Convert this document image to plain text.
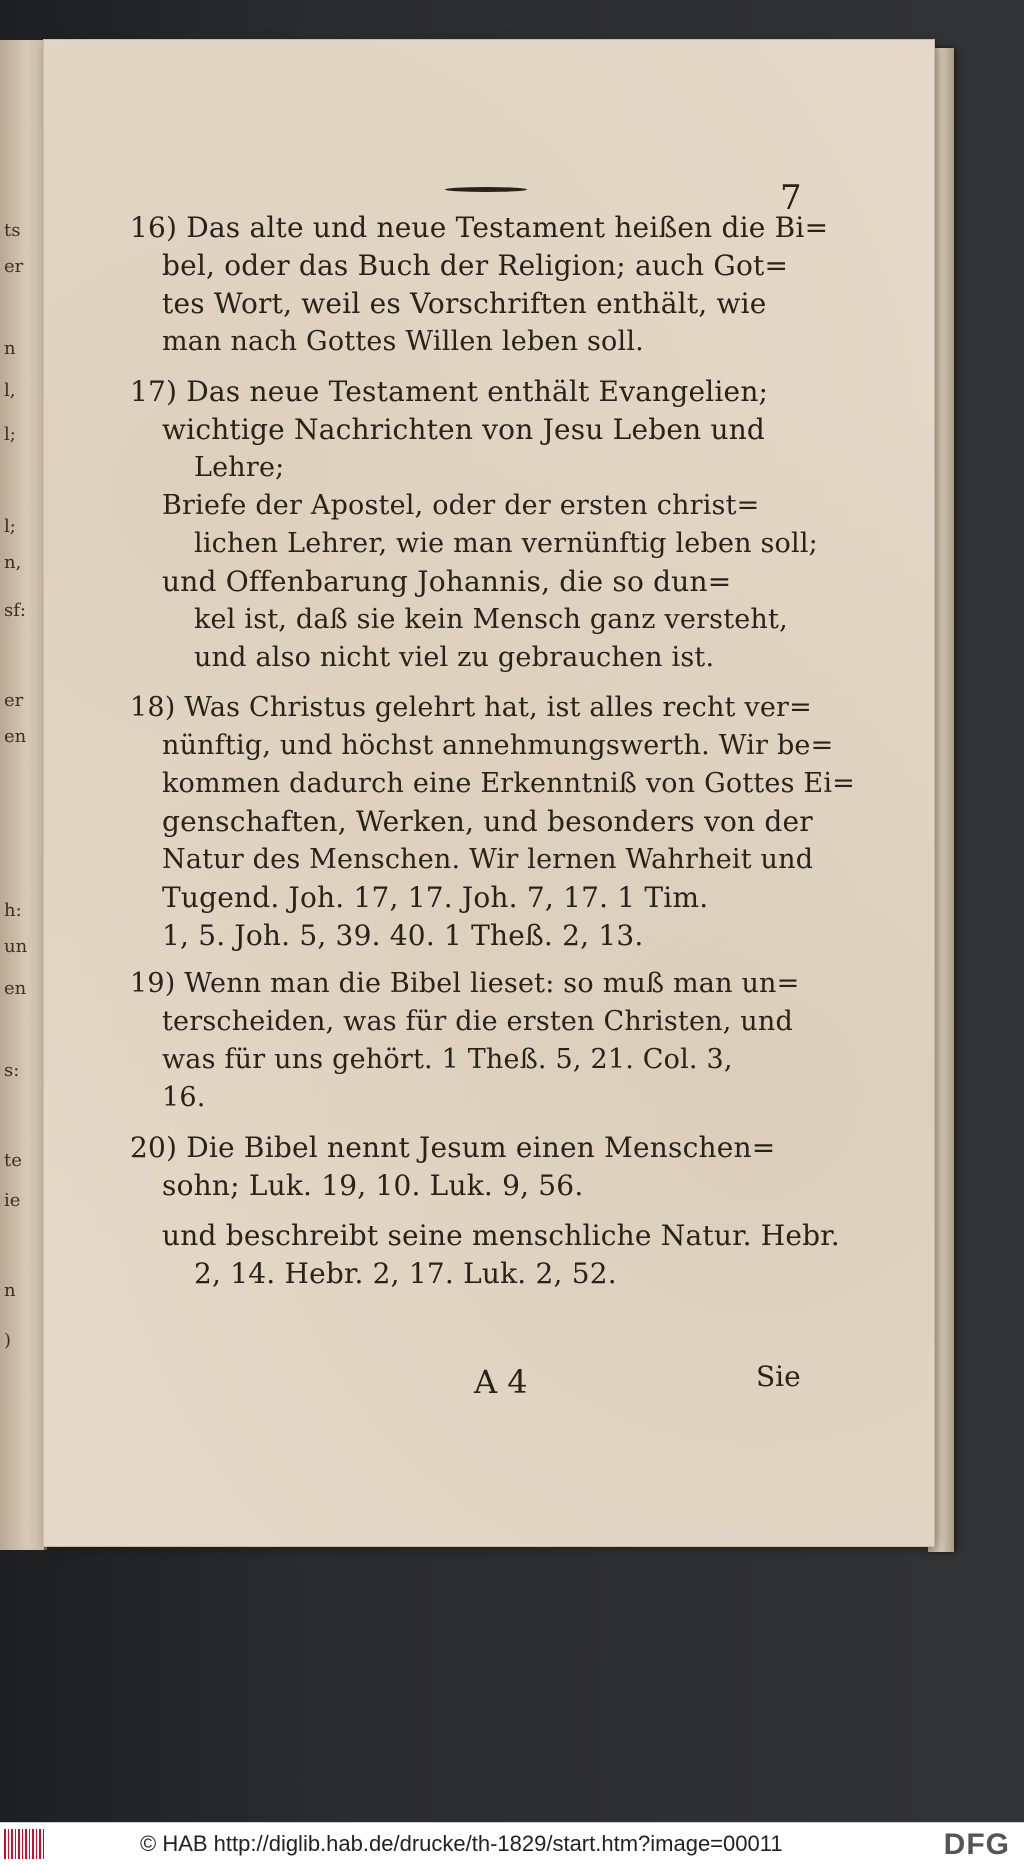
ts
er
n
l,
l;
l;
n,
sf:
er
en
h:
un
en
s:
te
ie
n
)
7
16) Das alte und neue Testament heißen die Bi=
bel, oder das Buch der Religion; auch Got=
tes Wort, weil es Vorschriften enthält, wie
man nach Gottes Willen leben soll.
17) Das neue Testament enthält Evangelien;
wichtige Nachrichten von Jesu Leben und
Lehre;
Briefe der Apostel, oder der ersten christ=
lichen Lehrer, wie man vernünftig leben soll;
und Offenbarung Johannis, die so dun=
kel ist, daß sie kein Mensch ganz versteht,
und also nicht viel zu gebrauchen ist.
18) Was Christus gelehrt hat, ist alles recht ver=
nünftig, und höchst annehmungswerth. Wir be=
kommen dadurch eine Erkenntniß von Gottes Ei=
genschaften, Werken, und besonders von der
Natur des Menschen. Wir lernen Wahrheit und
Tugend. Joh. 17, 17. Joh. 7, 17. 1 Tim.
1, 5. Joh. 5, 39. 40. 1 Theß. 2, 13.
19) Wenn man die Bibel lieset: so muß man un=
terscheiden, was für die ersten Christen, und
was für uns gehört. 1 Theß. 5, 21. Col. 3,
16.
20) Die Bibel nennt Jesum einen Menschen=
sohn; Luk. 19, 10. Luk. 9, 56.
und beschreibt seine menschliche Natur. Hebr.
2, 14. Hebr. 2, 17. Luk. 2, 52.
A 4	Sie
© HAB http://diglib.hab.de/drucke/th-1829/start.htm?image=00011	DFG
